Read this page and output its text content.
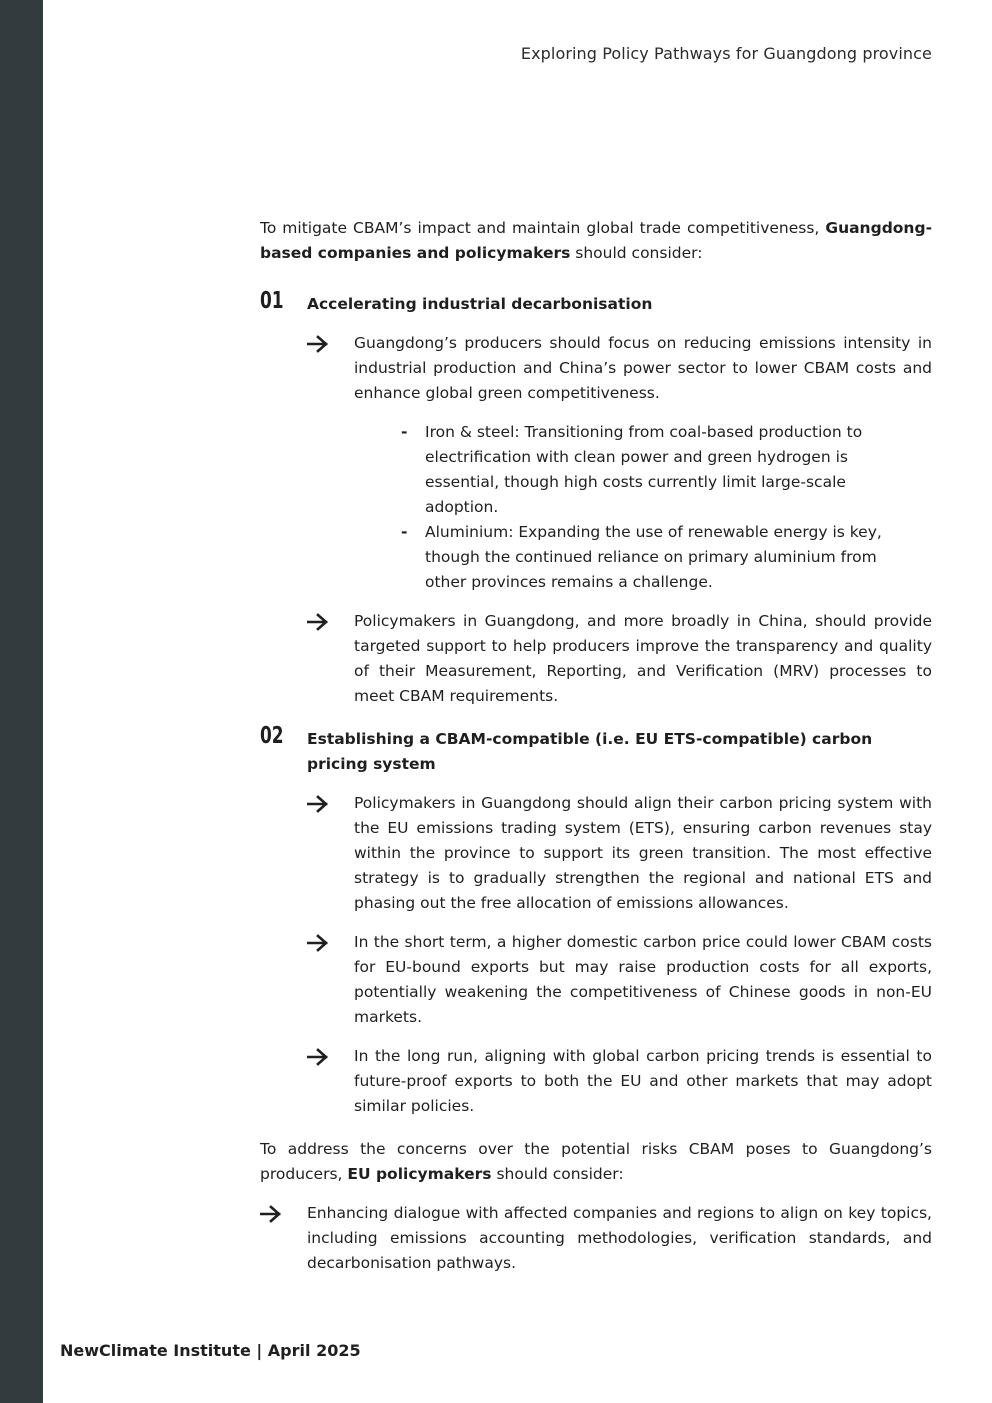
Exploring Policy Pathways for Guangdong province

To mitigate CBAM’s impact and maintain global trade competitiveness, Guangdong-based companies and policymakers should consider:

01 Accelerating industrial decarbonisation

Guangdong’s producers should focus on reducing emissions intensity in industrial production and China’s power sector to lower CBAM costs and enhance global green competitiveness.

- Iron & steel: Transitioning from coal-based production to electrification with clean power and green hydrogen is essential, though high costs currently limit large-scale adoption.
- Aluminium: Expanding the use of renewable energy is key, though the continued reliance on primary aluminium from other provinces remains a challenge.

Policymakers in Guangdong, and more broadly in China, should provide targeted support to help producers improve the transparency and quality of their Measurement, Reporting, and Verification (MRV) processes to meet CBAM requirements.

02 Establishing a CBAM-compatible (i.e. EU ETS-compatible) carbon pricing system

Policymakers in Guangdong should align their carbon pricing system with the EU emissions trading system (ETS), ensuring carbon revenues stay within the province to support its green transition. The most effective strategy is to gradually strengthen the regional and national ETS and phasing out the free allocation of emissions allowances.

In the short term, a higher domestic carbon price could lower CBAM costs for EU-bound exports but may raise production costs for all exports, potentially weakening the competitiveness of Chinese goods in non-EU markets.

In the long run, aligning with global carbon pricing trends is essential to future-proof exports to both the EU and other markets that may adopt similar policies.

To address the concerns over the potential risks CBAM poses to Guangdong’s producers, EU policymakers should consider:

Enhancing dialogue with affected companies and regions to align on key topics, including emissions accounting methodologies, verification standards, and decarbonisation pathways.

NewClimate Institute | April 2025
